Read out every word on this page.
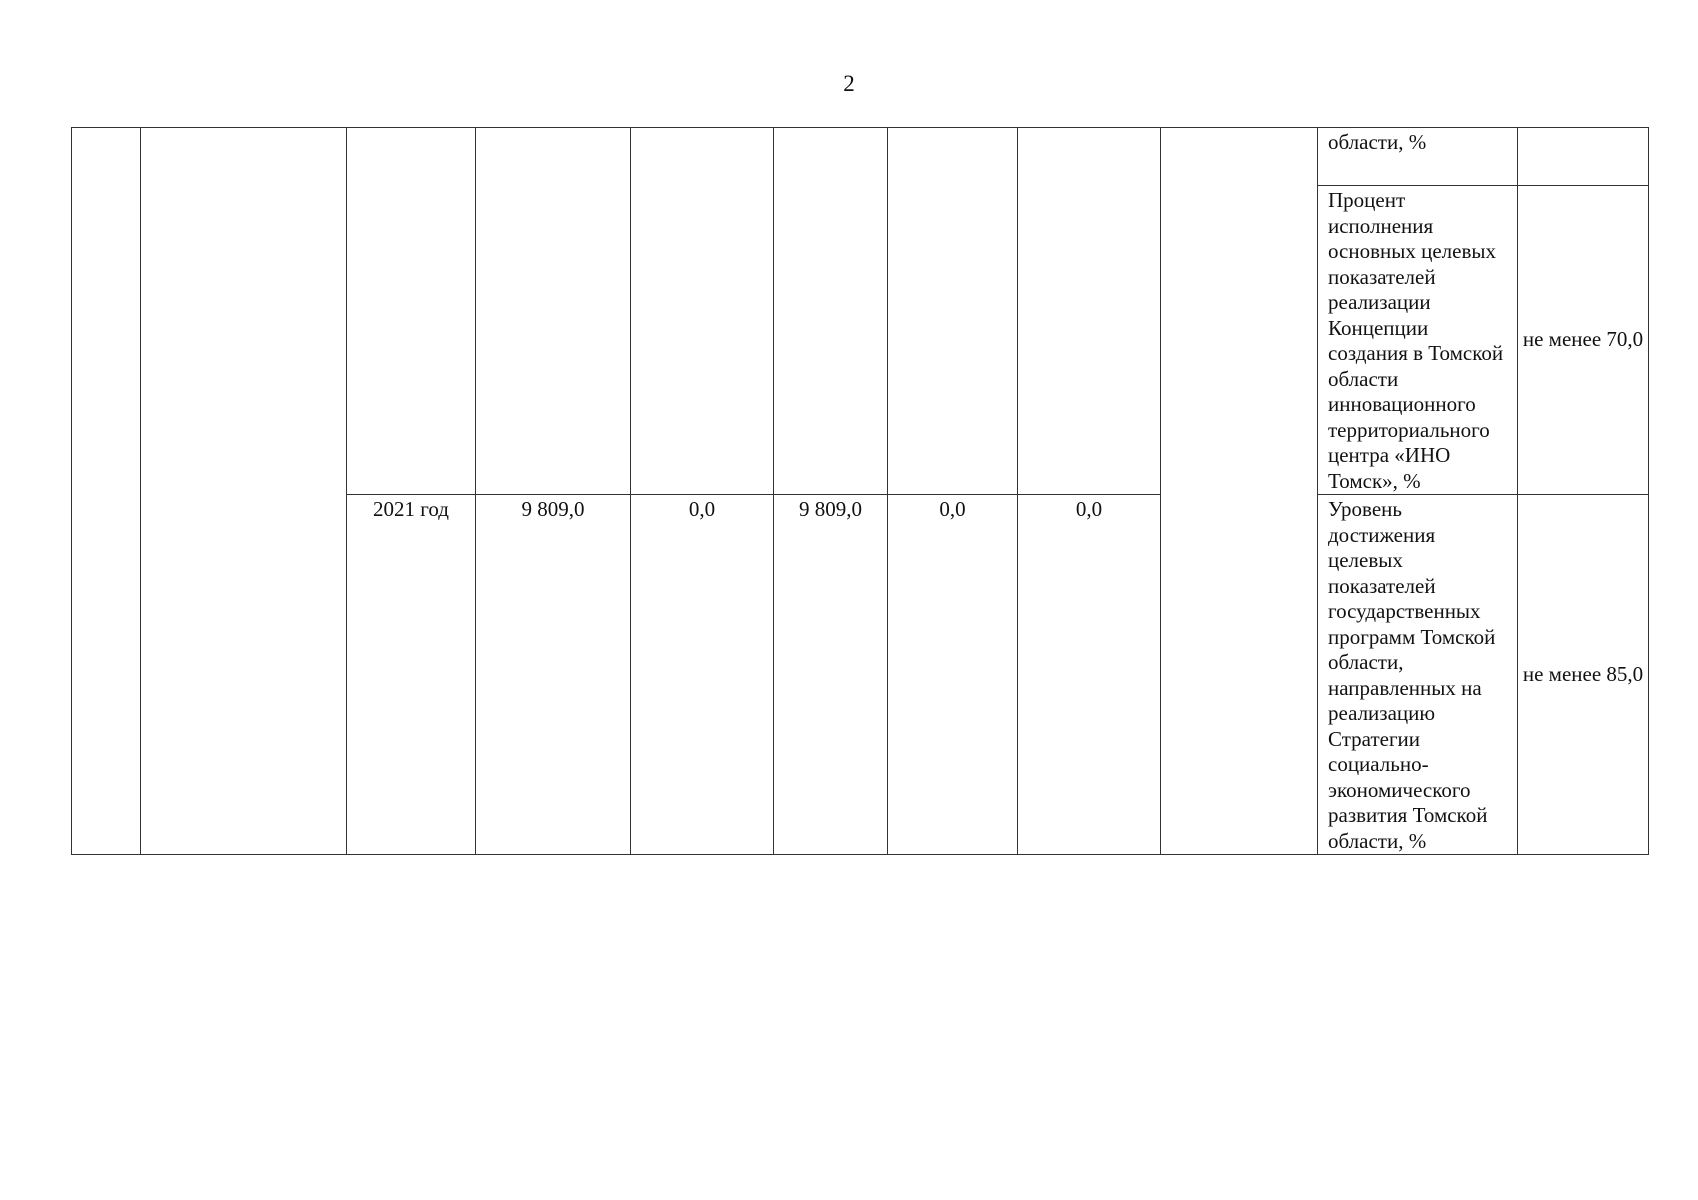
2

									области, %	

									Процент исполнения основных целевых показателей реализации Концепции создания в Томской области инновационного территориального центра «ИНО Томск», %	не менее 70,0

		2021 год	9 809,0	0,0	9 809,0	0,0	0,0		Уровень достижения целевых показателей государственных программ Томской области, направленных на реализацию Стратегии социально-экономического развития Томской области, %	не менее 85,0
